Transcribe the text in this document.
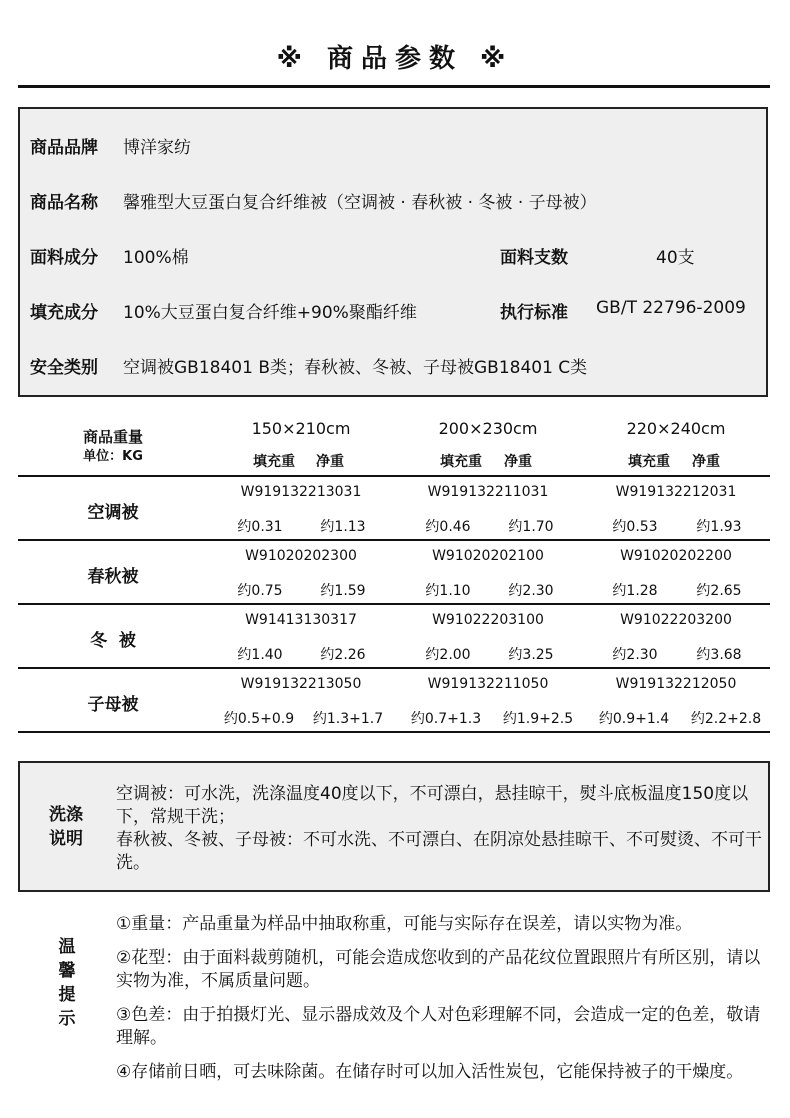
※ 商品参数 ※
商品品牌 博洋家纺
商品名称 馨雅型大豆蛋白复合纤维被（空调被 · 春秋被 · 冬被 · 子母被）
面料成分 100%棉	面料支数	40支
填充成分 10%大豆蛋白复合纤维+90%聚酯纤维	执行标准 GB/T 22796-2009
安全类别 空调被GB18401 B类；春秋被、冬被、子母被GB18401 C类
商品重量
单位：KG
150×210cm	200×230cm	220×240cm
填充重	净重	填充重	净重	填充重	净重
空调被
W919132213031	W919132211031	W919132212031
约0.31	约1.13	约0.46	约1.70	约0.53	约1.93
春秋被
W91020202300	W91020202100	W91020202200
约0.75	约1.59	约1.10	约2.30	约1.28	约2.65
冬  被
W91413130317	W91022203100	W91022203200
约1.40	约2.26	约2.00	约3.25	约2.30	约3.68
子母被
W919132213050	W919132211050	W919132212050
约0.5+0.9	约1.3+1.7	约0.7+1.3	约1.9+2.5	约0.9+1.4	约2.2+2.8
洗涤
说明

空调被：可水洗，洗涤温度40度以下，不可漂白，悬挂晾干，熨斗底板温度150度以下，常规干洗；

春秋被、冬被、子母被：不可水洗、不可漂白、在阴凉处悬挂晾干、不可熨烫、不可干洗。

温
馨
提
示

①重量：产品重量为样品中抽取称重，可能与实际存在误差，请以实物为准。

②花型：由于面料裁剪随机，可能会造成您收到的产品花纹位置跟照片有所区别，请以实物为准，不属质量问题。

③色差：由于拍摄灯光、显示器成效及个人对色彩理解不同，会造成一定的色差，敬请理解。

④存储前日晒，可去味除菌。在储存时可以加入活性炭包，它能保持被子的干燥度。
